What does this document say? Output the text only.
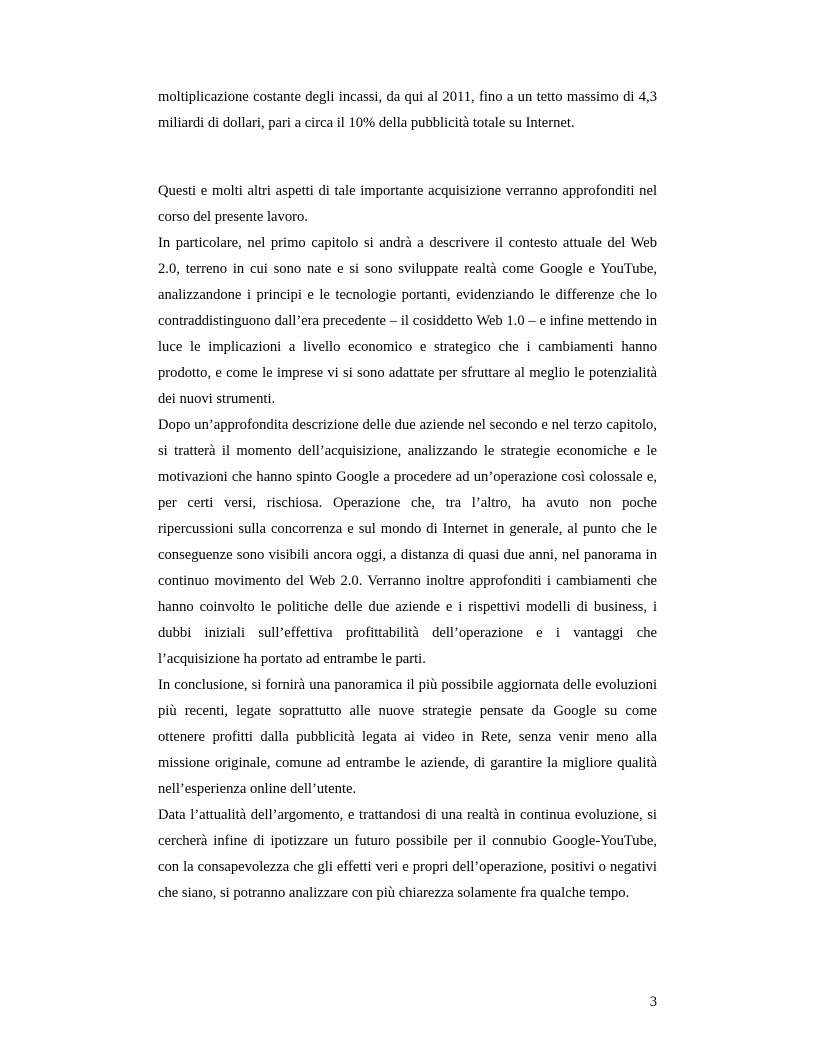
moltiplicazione costante degli incassi, da qui al 2011, fino a un tetto massimo di 4,3 miliardi di dollari, pari a circa il 10% della pubblicità totale su Internet.

Questi e molti altri aspetti di tale importante acquisizione verranno approfonditi nel corso del presente lavoro.

In particolare, nel primo capitolo si andrà a descrivere il contesto attuale del Web 2.0, terreno in cui sono nate e si sono sviluppate realtà come Google e YouTube, analizzandone i principi e le tecnologie portanti, evidenziando le differenze che lo contraddistinguono dall’era precedente – il cosiddetto Web 1.0 – e infine mettendo in luce le implicazioni a livello economico e strategico che i cambiamenti hanno prodotto, e come le imprese vi si sono adattate per sfruttare al meglio le potenzialità dei nuovi strumenti.

Dopo un’approfondita descrizione delle due aziende nel secondo e nel terzo capitolo, si tratterà il momento dell’acquisizione, analizzando le strategie economiche e le motivazioni che hanno spinto Google a procedere ad un’operazione così colossale e, per certi versi, rischiosa. Operazione che, tra l’altro, ha avuto non poche ripercussioni sulla concorrenza e sul mondo di Internet in generale, al punto che le conseguenze sono visibili ancora oggi, a distanza di quasi due anni, nel panorama in continuo movimento del Web 2.0. Verranno inoltre approfonditi i cambiamenti che hanno coinvolto le politiche delle due aziende e i rispettivi modelli di business, i dubbi iniziali sull’effettiva profittabilità dell’operazione e i vantaggi che l’acquisizione ha portato ad entrambe le parti.

In conclusione, si fornirà una panoramica il più possibile aggiornata delle evoluzioni più recenti, legate soprattutto alle nuove strategie pensate da Google su come ottenere profitti dalla pubblicità legata ai video in Rete, senza venir meno alla missione originale, comune ad entrambe le aziende, di garantire la migliore qualità nell’esperienza online dell’utente.

Data l’attualità dell’argomento, e trattandosi di una realtà in continua evoluzione, si cercherà infine di ipotizzare un futuro possibile per il connubio Google-YouTube, con la consapevolezza che gli effetti veri e propri dell’operazione, positivi o negativi che siano, si potranno analizzare con più chiarezza solamente fra qualche tempo.

3
